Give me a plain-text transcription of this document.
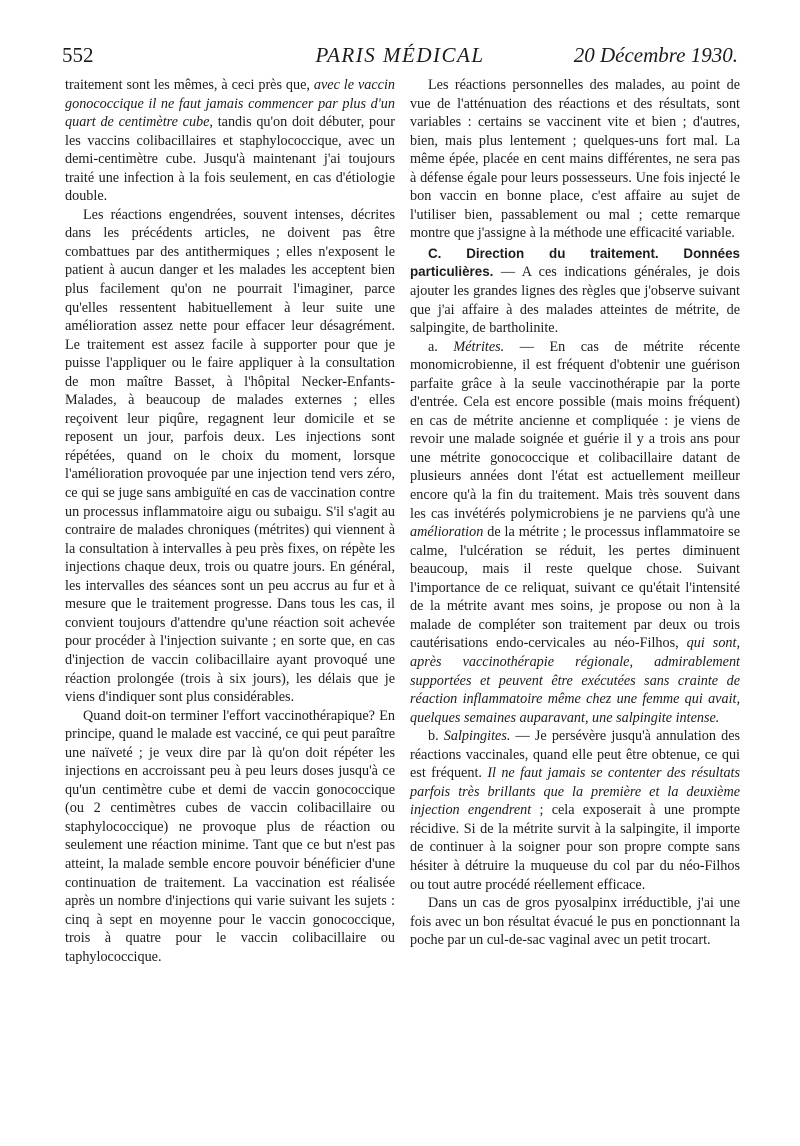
552	PARIS MÉDICAL	20 Décembre 1930.

traitement sont les mêmes, à ceci près que, avec le vaccin gonococcique il ne faut jamais commencer par plus d'un quart de centimètre cube, tandis qu'on doit débuter, pour les vaccins colibacillaires et staphylococcique, avec un demi-centimètre cube. Jusqu'à maintenant j'ai toujours traité une infection à la fois seulement, en cas d'étiologie double.

Les réactions engendrées, souvent intenses, décrites dans les précédents articles, ne doivent pas être combattues par des antithermiques ; elles n'exposent le patient à aucun danger et les malades les acceptent bien plus facilement qu'on ne pourrait l'imaginer, parce qu'elles ressentent habituellement à leur suite une amélioration assez nette pour effacer leur désagrément. Le traitement est assez facile à supporter pour que je puisse l'appliquer ou le faire appliquer à la consultation de mon maître Basset, à l'hôpital Necker-Enfants-Malades, à beaucoup de malades externes ; elles reçoivent leur piqûre, regagnent leur domicile et se reposent un jour, parfois deux. Les injections sont répétées, quand on le choix du moment, lorsque l'amélioration provoquée par une injection tend vers zéro, ce qui se juge sans ambiguïté en cas de vaccination contre un processus inflammatoire aigu ou subaigu. S'il s'agit au contraire de malades chroniques (métrites) qui viennent à la consultation à intervalles à peu près fixes, on répète les injections chaque deux, trois ou quatre jours. En général, les intervalles des séances sont un peu accrus au fur et à mesure que le traitement progresse. Dans tous les cas, il convient toujours d'attendre qu'une réaction soit achevée pour procéder à l'injection suivante ; en sorte que, en cas d'injection de vaccin colibacillaire ayant provoqué une réaction prolongée (trois à six jours), les délais que je viens d'indiquer sont plus considérables.

Quand doit-on terminer l'effort vaccinothérapique? En principe, quand le malade est vacciné, ce qui peut paraître une naïveté ; je veux dire par là qu'on doit répéter les injections en accroissant peu à peu leurs doses jusqu'à ce qu'un centimètre cube et demi de vaccin gonococcique (ou 2 centimètres cubes de vaccin colibacillaire ou staphylococcique) ne provoque plus de réaction ou seulement une réaction minime. Tant que ce but n'est pas atteint, la malade semble encore pouvoir bénéficier d'une continuation de traitement. La vaccination est réalisée après un nombre d'injections qui varie suivant les sujets : cinq à sept en moyenne pour le vaccin gonococcique, trois à quatre pour le vaccin colibacillaire ou taphylococcique.

Les réactions personnelles des malades, au point de vue de l'atténuation des réactions et des résultats, sont variables : certains se vaccinent vite et bien ; d'autres, bien, mais plus lentement ; quelques-uns fort mal. La même épée, placée en cent mains différentes, ne sera pas à défense égale pour leurs possesseurs. Une fois injecté le bon vaccin en bonne place, c'est affaire au sujet de l'utiliser bien, passablement ou mal ; cette remarque montre que j'assigne à la méthode une efficacité variable.

C. Direction du traitement. Données particulières. — A ces indications générales, je dois ajouter les grandes lignes des règles que j'observe suivant que j'ai affaire à des malades atteintes de métrite, de salpingite, de bartholinite.

a. Métrites. — En cas de métrite récente monomicrobienne, il est fréquent d'obtenir une guérison parfaite grâce à la seule vaccinothérapie par la porte d'entrée. Cela est encore possible (mais moins fréquent) en cas de métrite ancienne et compliquée : je viens de revoir une malade soignée et guérie il y a trois ans pour une métrite gonococcique et colibacillaire datant de plusieurs années dont l'état est actuellement meilleur encore qu'à la fin du traitement. Mais très souvent dans les cas invétérés polymicrobiens je ne parviens qu'à une amélioration de la métrite ; le processus inflammatoire se calme, l'ulcération se réduit, les pertes diminuent beaucoup, mais il reste quelque chose. Suivant l'importance de ce reliquat, suivant ce qu'était l'intensité de la métrite avant mes soins, je propose ou non à la malade de compléter son traitement par deux ou trois cautérisations endo-cervicales au néo-Filhos, qui sont, après vaccinothérapie régionale, admirablement supportées et peuvent être exécutées sans crainte de réaction inflammatoire même chez une femme qui avait, quelques semaines auparavant, une salpingite intense.

b. Salpingites. — Je persévère jusqu'à annulation des réactions vaccinales, quand elle peut être obtenue, ce qui est fréquent. Il ne faut jamais se contenter des résultats parfois très brillants que la première et la deuxième injection engendrent ; cela exposerait à une prompte récidive. Si de la métrite survit à la salpingite, il importe de continuer à la soigner pour son propre compte sans hésiter à détruire la muqueuse du col par du néo-Filhos ou tout autre procédé réellement efficace.

Dans un cas de gros pyosalpinx irréductible, j'ai une fois avec un bon résultat évacué le pus en ponctionnant la poche par un cul-de-sac vaginal avec un petit trocart.
